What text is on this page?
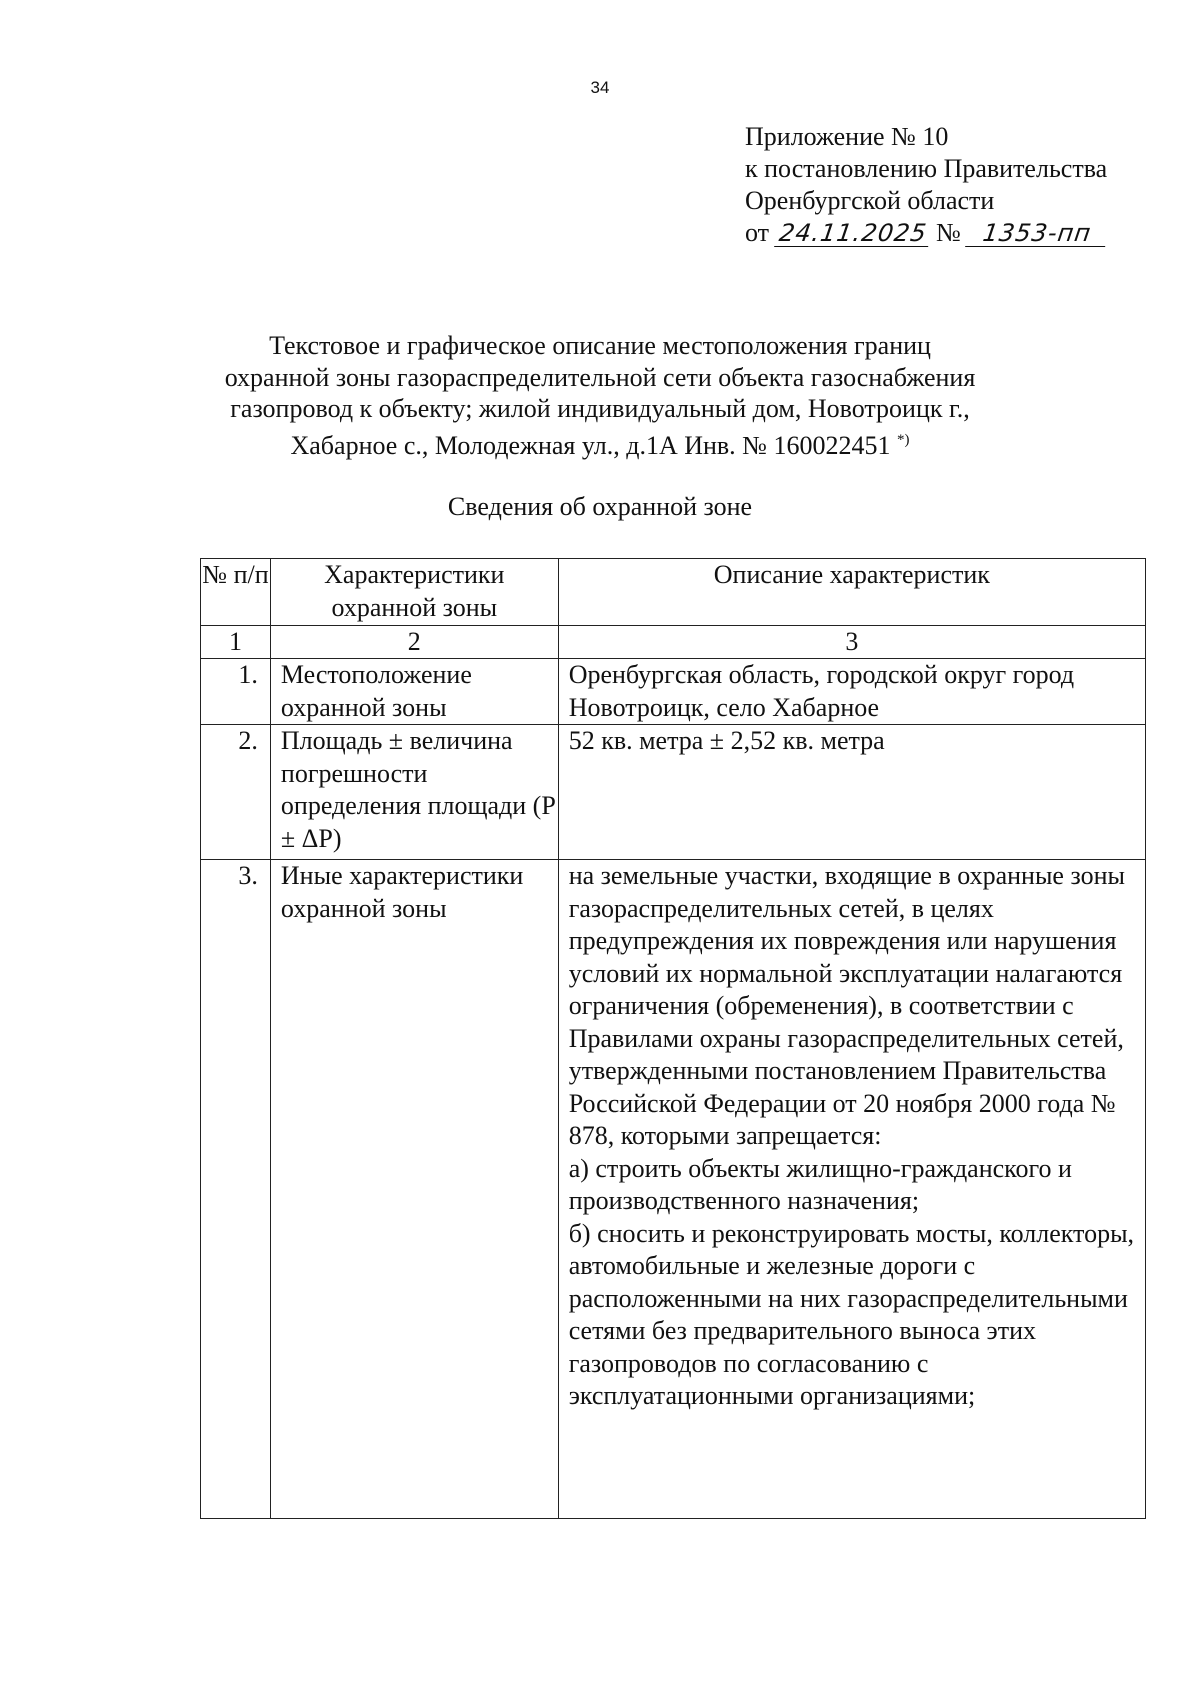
34
Приложение № 10
к постановлению Правительства
Оренбургской области
от 24.11.2025 № 1353-пп
Текстовое и графическое описание местоположения границ
охранной зоны газораспределительной сети объекта газоснабжения
газопровод к объекту; жилой индивидуальный дом, Новотроицк г.,
Хабарное с., Молодежная ул., д.1А Инв. № 160022451 *)
Сведения об охранной зоне
№ п/п	Характеристики охранной зоны	Описание характеристик
1	2	3
1.	Местоположение охранной зоны	Оренбургская область, городской округ город Новотроицк, село Хабарное

2.	Площадь ± величина погрешности определения площади (P ± ΔP)	52 кв. метра ± 2,52 кв. метра

3.	Иные характеристики охранной зоны	на земельные участки, входящие в охранные зоны газораспределительных сетей, в целях предупреждения их повреждения или нарушения условий их нормальной эксплуатации налагаются ограничения (обременения), в соответствии с Правилами охраны газораспределительных сетей, утвержденными постановлением Правительства Российской Федерации от 20 ноября 2000 года № 878, которыми запрещается:
а) строить объекты жилищно-гражданского и производственного назначения;
б) сносить и реконструировать мосты, коллекторы, автомобильные и железные дороги с расположенными на них газораспределительными сетями без предварительного выноса этих газопроводов по согласованию с эксплуатационными организациями;
